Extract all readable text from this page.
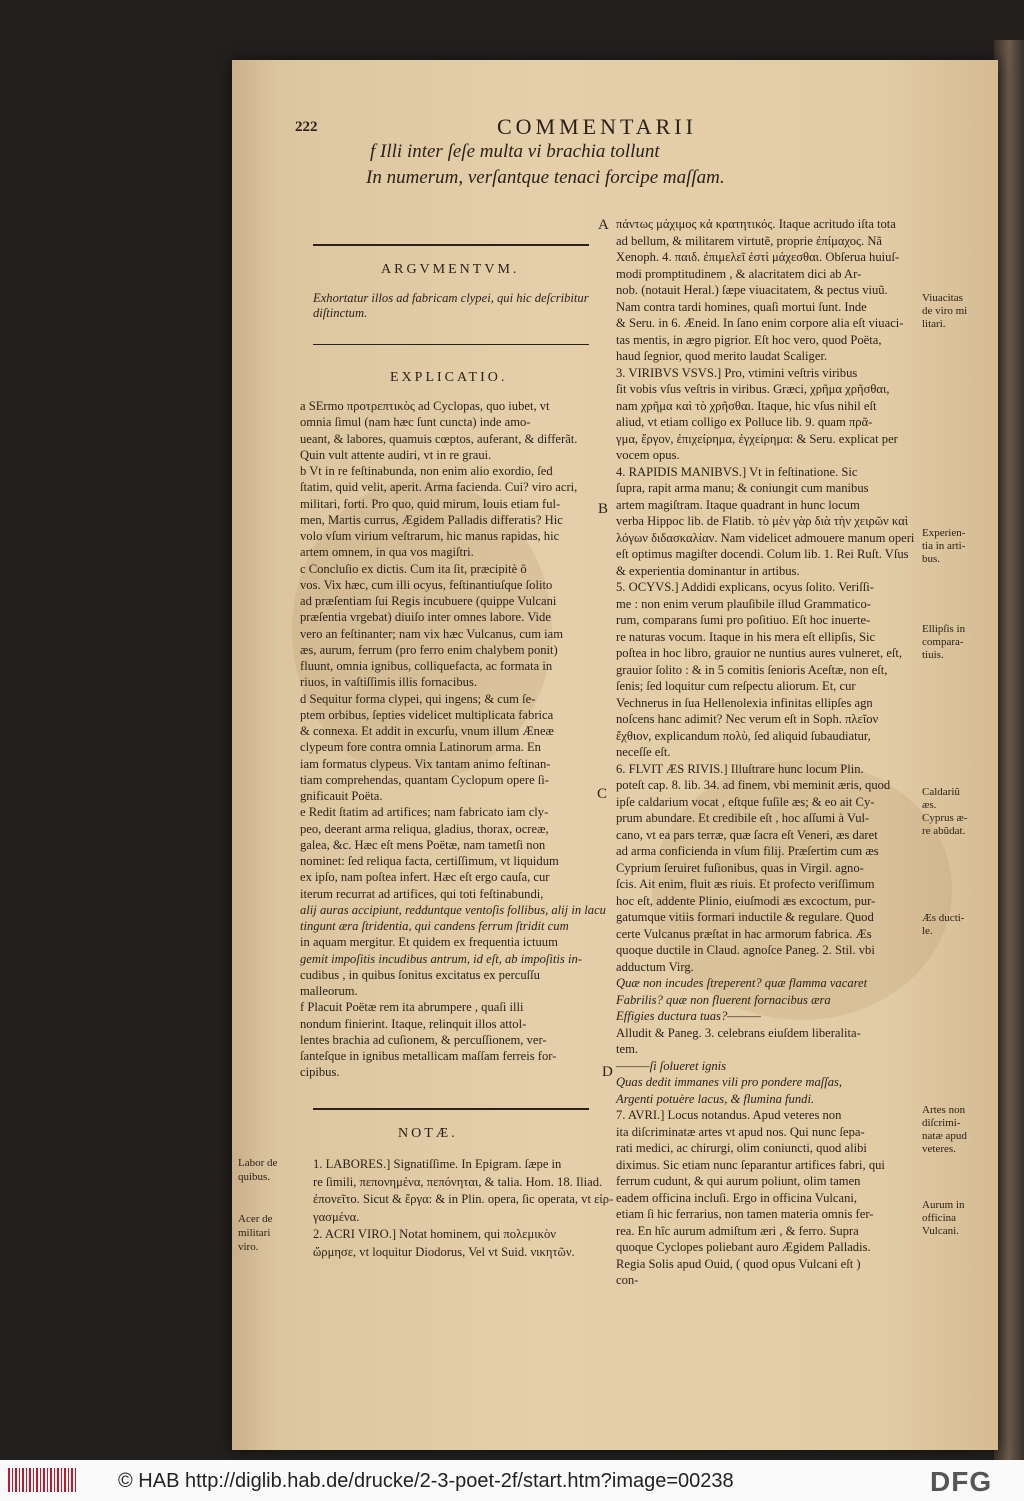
222	COMMENTARII
f Illi inter ſeſe multa vi brachia tollunt
In numerum, verſantque tenaci forcipe maſſam.
ARGVMENTVM.
Exhortatur illos ad fabricam clypei, qui hic deſcribitur
diſtinctum.
EXPLICATIO.
a SErmo προτρεπτικὸς ad Cyclopas, quo iubet, vt
omnia ſimul (nam hæc ſunt cuncta) inde amo-
ueant, & labores, quamuis cœptos, auferant, & differãt.
Quin vult attente audiri, vt in re graui.
b Vt in re feſtinabunda, non enim alio exordio, ſed
ſtatim, quid velit, aperit. Arma facienda. Cui? viro acri,
militari, forti. Pro quo, quid mirum, Iouis etiam ful-
men, Martis currus, Ægidem Palladis differatis? Hic
volo vſum virium veſtrarum, hic manus rapidas, hic
artem omnem, in qua vos magiſtri.
c Concluſio ex dictis. Cum ita ſit, præcipitè ô
vos. Vix hæc, cum illi ocyus, feſtinantiuſque ſolito
ad præſentiam ſui Regis incubuere (quippe Vulcani
præſentia vrgebat) diuiſo inter omnes labore. Vide
vero an feſtinanter; nam vix hæc Vulcanus, cum iam
æs, aurum, ferrum (pro ferro enim chalybem ponit)
fluunt, omnia ignibus, colliquefacta, ac formata in
riuos, in vaſtiſſimis illis fornacibus.
d Sequitur forma clypei, qui ingens; & cum ſe-
ptem orbibus, ſepties videlicet multiplicata fabrica
& connexa. Et addit in excurſu, vnum illum Æneæ
clypeum fore contra omnia Latinorum arma. En
iam formatus clypeus. Vix tantam animo feſtinan-
tiam comprehendas, quantam Cyclopum opere ſi-
gnificauit Poëta.
e Redit ſtatim ad artifices; nam fabricato iam cly-
peo, deerant arma reliqua, gladius, thorax, ocreæ,
galea, &c. Hæc eſt mens Poëtæ, nam tametſi non
nominet: ſed reliqua facta, certiſſimum, vt liquidum
ex ipſo, nam poſtea infert. Hæc eſt ergo cauſa, cur
iterum recurrat ad artifices, qui toti feſtinabundi,
alij auras accipiunt, redduntque ventoſis follibus, alij in lacu
tingunt æra ſtridentia, qui candens ferrum ſtridit cum
in aquam mergitur. Et quidem ex frequentia ictuum
gemit impoſitis incudibus antrum, id eſt, ab impoſitis in-
cudibus , in quibus ſonitus excitatus ex percuſſu
malleorum.
f Placuit Poëtæ rem ita abrumpere , quaſi illi
nondum finierint. Itaque, relinquit illos attol-
lentes brachia ad cuſionem, & percuſſionem, ver-
ſanteſque in ignibus metallicam maſſam ferreis for-
cipibus.
NOTÆ.
1. LABORES.] Signatiſſime. In Epigram. ſæpe in
re ſimili, πεπονημένα, πεπόνηται, & talia. Hom. 18. Iliad.
ἐπονεῖτο. Sicut & ἔργα: & in Plin. opera, ſic operata, vt εἰρ-
γασμένα.
2. ACRI VIRO.] Notat hominem, qui πολεμικὸν
ὤρμησε, vt loquitur Diodorus, Vel vt Suid. νικητῶν.
Labor de
quibus.
Acer de
militari
viro.
πάντως μάχιμος κἀ κρατητικός. Itaque acritudo iſta tota
ad bellum, & militarem virtutẽ, proprie ἐπίμαχος. Nã
Xenoph. 4. παιδ. ἐπιμελεῖ ἐστὶ μάχεσθαι. Obſerua huiuſ-
modi promptitudinem , & alacritatem dici ab Ar-
nob. (notauit Heral.) ſæpe viuacitatem, & pectus viuũ.
Nam contra tardi homines, quaſi mortui ſunt. Inde
& Seru. in 6. Æneid. In ſano enim corpore alia eſt viuaci-
tas mentis, in ægro pigrior. Eſt hoc vero, quod Poëta,
haud ſegnior, quod merito laudat Scaliger.
3. VIRIBVS VSVS.] Pro, vtimini veſtris viribus
ſit vobis vſus veſtris in viribus. Græci, χρῆμα χρῆσθαι,
nam χρῆμα καὶ τὸ χρῆσθαι. Itaque, hic vſus nihil eſt
aliud, vt etiam colligo ex Polluce lib. 9. quam πρᾶ-
γμα, ἔργον, ἐπιχείρημα, ἐγχείρημα: & Seru. explicat per
vocem opus.
4. RAPIDIS MANIBVS.] Vt in feſtinatione. Sic
ſupra, rapit arma manu; & coniungit cum manibus
artem magiſtram. Itaque quadrant in hunc locum
verba Hippoc lib. de Flatib. τὸ μὲν γὰρ διὰ τὴν χειρῶν καὶ
λόγων διδασκαλίαν. Nam videlicet admouere manum operi
eſt optimus magiſter docendi. Colum lib. 1. Rei Ruſt. Vſus
& experientia dominantur in artibus.
5. OCYVS.] Addidi explicans, ocyus ſolito. Veriſſi-
me : non enim verum plauſibile illud Grammatico-
rum, comparans ſumi pro poſitiuo. Eſt hoc inuerte-
re naturas vocum. Itaque in his mera eſt ellipſis, Sic
poſtea in hoc libro, grauior ne nuntius aures vulneret, eſt,
grauior ſolito : & in 5 comitis ſenioris Aceſtæ, non eſt,
ſenis; ſed loquitur cum reſpectu aliorum. Et, cur
Vechnerus in ſua Hellenolexia infinitas ellipſes agn
noſcens hanc adimit? Nec verum eſt in Soph. πλεῖον
ἔχθιον, explicandum πολὺ, ſed aliquid ſubaudiatur,
neceſſe eſt.
6. FLVIT ÆS RIVIS.] Illuſtrare hunc locum Plin.
poteſt cap. 8. lib. 34. ad finem, vbi meminit æris, quod
ipſe caldarium vocat , eſtque fuſile æs; & eo ait Cy-
prum abundare. Et credibile eſt , hoc aſſumi à Vul-
cano, vt ea pars terræ, quæ ſacra eſt Veneri, æs daret
ad arma conficienda in vſum filij. Præſertim cum æs
Cyprium ſeruiret fuſionibus, quas in Virgil. agno-
ſcis. Ait enim, fluit æs riuis. Et profecto veriſſimum
hoc eſt, addente Plinio, eiuſmodi æs excoctum, pur-
gatumque vitiis formari inductile & regulare. Quod
certe Vulcanus præſtat in hac armorum fabrica. Æs
quoque ductile in Claud. agnoſce Paneg. 2. Stil. vbi
adductum Virg.
Quæ non incudes ſtreperent? quæ flamma vacaret
Fabrilis? quæ non fluerent fornacibus æra
Effigies ductura tuas?———
Alludit & Paneg. 3. celebrans eiuſdem liberalita-
tem.
———ſi ſolueret ignis
Quas dedit immanes vili pro pondere maſſas,
Argenti potuère lacus, & flumina fundi.
7. AVRI.] Locus notandus. Apud veteres non
ita diſcriminatæ artes vt apud nos. Qui nunc ſepa-
rati medici, ac chirurgi, olim coniuncti, quod alibi
diximus. Sic etiam nunc ſeparantur artifices fabri, qui
ferrum cudunt, & qui aurum poliunt, olim tamen
eadem officina incluſi. Ergo in officina Vulcani,
etiam ſi hic ferrarius, non tamen materia omnis fer-
rea. En hîc aurum admiſtum æri , & ferro. Supra
quoque Cyclopes poliebant auro Ægidem Palladis.
Regia Solis apud Ouid, ( quod opus Vulcani eſt )
con-
Viuacitas
de viro mi
litari.
Experien-
tia in arti-
bus.
Ellipſis in
compara-
tiuis.
Caldariũ
æs.
Cyprus æ-
re abũdat.
Æs ducti-
le.
Artes non
diſcrimi-
natæ apud
veteres.
Aurum in
officina
Vulcani.
A
B
C
D
© HAB http://diglib.hab.de/drucke/2-3-poet-2f/start.htm?image=00238	DFG
